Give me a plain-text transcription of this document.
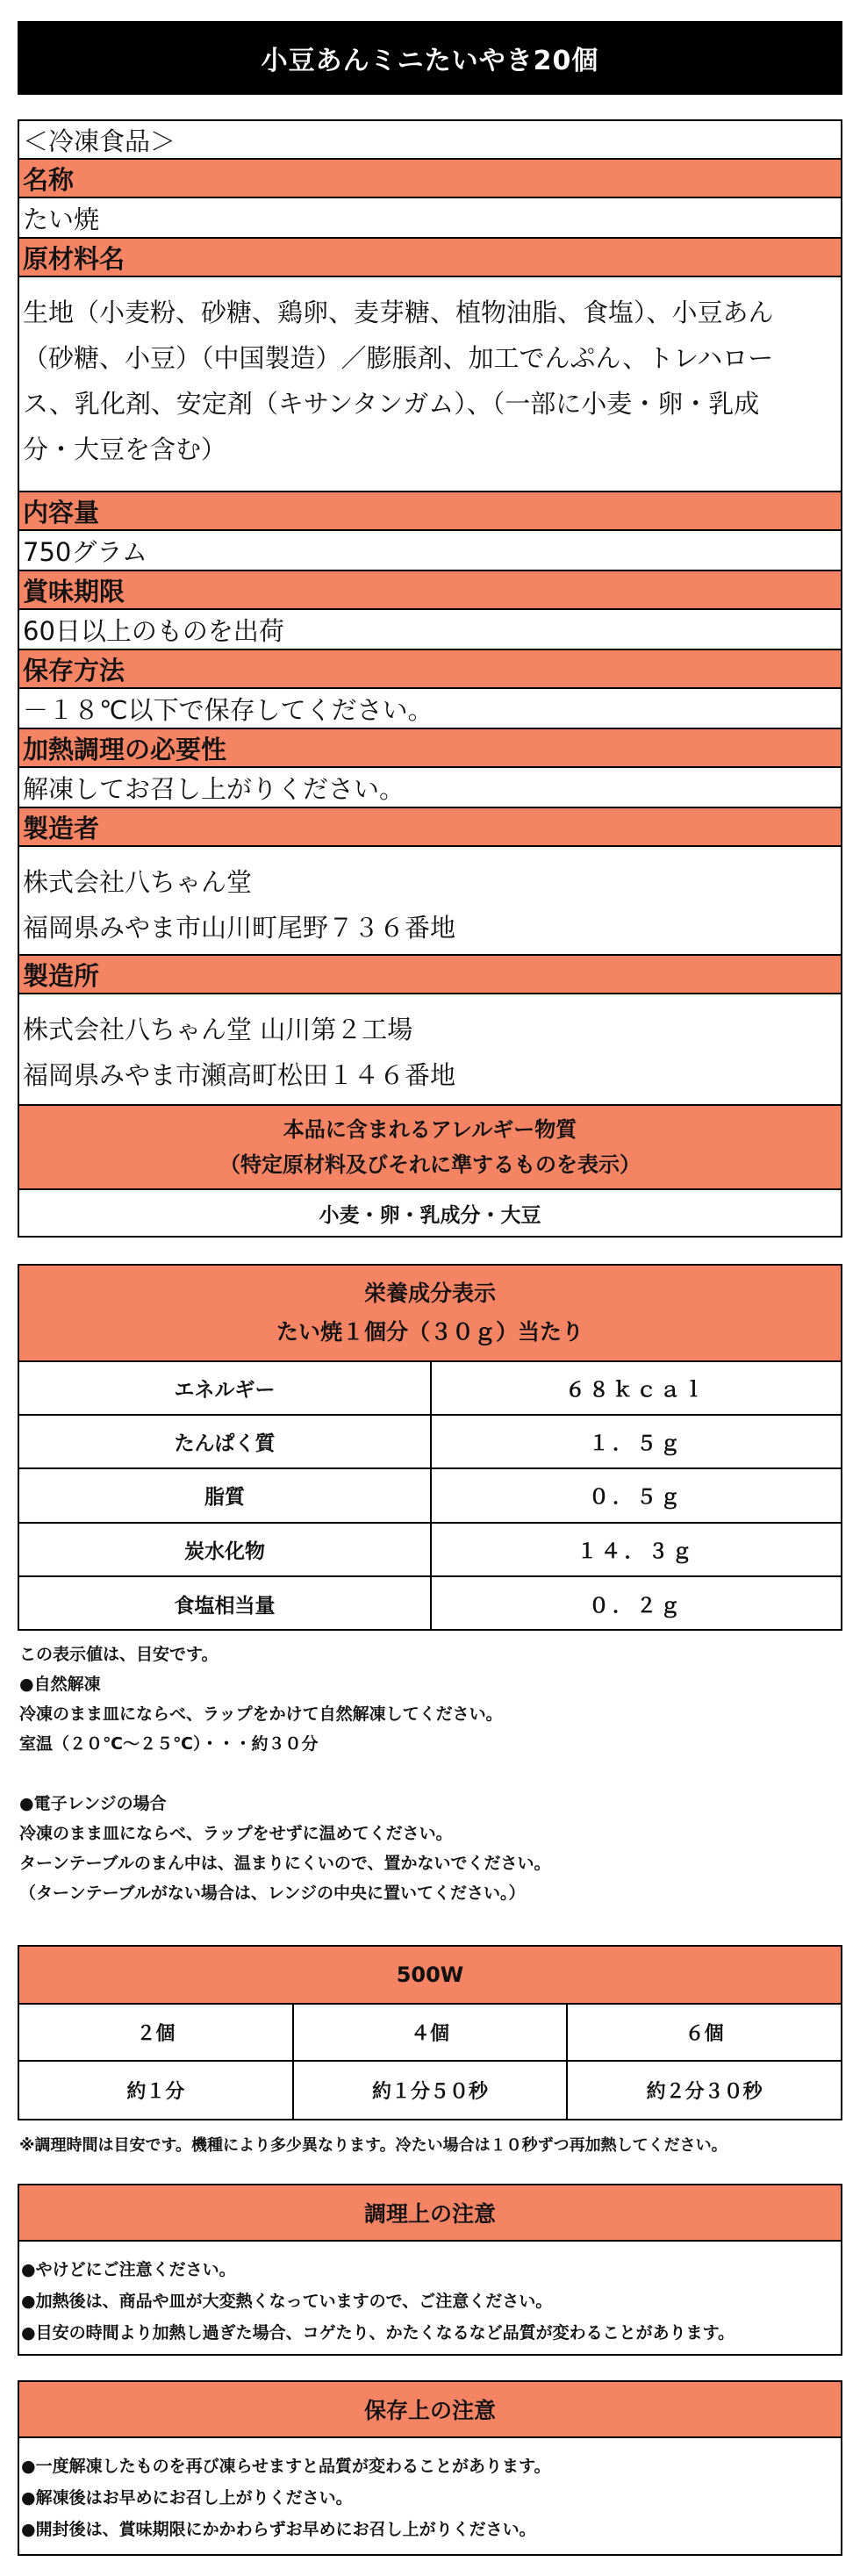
小豆あんミニたいやき20個
＜冷凍食品＞
名称
たい焼
原材料名
生地（小麦粉、砂糖、鶏卵、麦芽糖、植物油脂、食塩）、小豆あん
（砂糖、小豆）（中国製造）／膨脹剤、加工でんぷん、トレハロー
ス、乳化剤、安定剤（キサンタンガム）、（一部に小麦・卵・乳成
分・大豆を含む）
内容量
750グラム
賞味期限
60日以上のものを出荷
保存方法
－１８℃以下で保存してください。
加熱調理の必要性
解凍してお召し上がりください。
製造者
株式会社八ちゃん堂
福岡県みやま市山川町尾野７３６番地
製造所
株式会社八ちゃん堂 山川第２工場
福岡県みやま市瀬高町松田１４６番地
本品に含まれるアレルギー物質
（特定原材料及びそれに準するものを表示）
小麦・卵・乳成分・大豆
栄養成分表示
たい焼１個分（３０ｇ）当たり
エネルギー	６８ｋｃａｌ
たんぱく質	１．５ｇ
脂質	０．５ｇ
炭水化物	１４．３ｇ
食塩相当量	０．２ｇ
この表示値は、目安です。
●自然解凍
冷凍のまま皿にならべ、ラップをかけて自然解凍してください。
室温（２０℃～２５℃）・・・約３０分
●電子レンジの場合
冷凍のまま皿にならべ、ラップをせずに温めてください。
ターンテーブルのまん中は、温まりにくいので、置かないでください。
（ターンテーブルがない場合は、レンジの中央に置いてください。）
500W
２個	４個	６個
約１分	約１分５０秒	約２分３０秒
※調理時間は目安です。機種により多少異なります。冷たい場合は１０秒ずつ再加熱してください。
調理上の注意
●やけどにご注意ください。
●加熱後は、商品や皿が大変熱くなっていますので、ご注意ください。
●目安の時間より加熱し過ぎた場合、コゲたり、かたくなるなど品質が変わることがあります。
保存上の注意
●一度解凍したものを再び凍らせますと品質が変わることがあります。
●解凍後はお早めにお召し上がりください。
●開封後は、賞味期限にかかわらずお早めにお召し上がりください。
